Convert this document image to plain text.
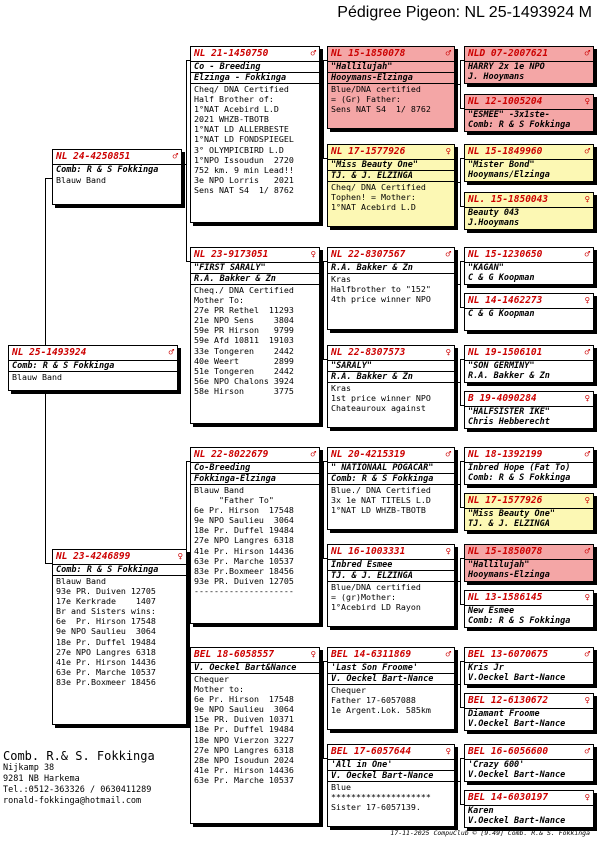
Pédigree Pigeon: NL 25-1493924 M
NL 25-1493924	♂
Comb: R & S Fokkinga
Blauw Band
NL 24-4250851	♂
Comb: R & S Fokkinga
Blauw Band
NL 23-4246899	♀
Comb: R & S Fokkinga
Blauw Band
93e PR. Duiven 12705
17e Kerkrade    1407
Br and Sisters wins:
6e  Pr. Hirson 17548
9e NPO Saulieu  3064
18e Pr. Duffel 19484
27e NPO Langres 6318
41e Pr. Hirson 14436
63e Pr. Marche 10537
83e Pr.Boxmeer 18456
NL 21-1450750	♂
Co - Breeding
Elzinga - Fokkinga
Cheq/ DNA Certified
Half Brother of:
1°NAT Acebird L.D
2021 WHZB-TBOTB
1°NAT LD ALLERBESTE
1°NAT LD FONDSPIEGEL
3° OLYMPICBIRD L.D
1°NPO Issoudun  2720
752 km. 9 min Lead!!
3e NPO Lorris   2021
Sens NAT S4  1/ 8762
NL 23-9173051	♀
"FIRST SARALY"
R.A. Bakker & Zn
Cheq./ DNA Certified
Mother To:
27e PR Rethel  11293
21e NPO Sens    3804
59e PR Hirson   9799
59e Afd 10811  19103
33e Tongeren    2442
40e Weert       2899
51e Tongeren    2442
56e NPO Chalons 3924
58e Hirson      3775
NL 22-8022679	♂
Co-Breeding
Fokkinga-Elzinga
Blauw Band
"Father To"
6e Pr. Hirson  17548
9e NPO Saulieu  3064
18e Pr. Duffel 19484
27e NPO Langres 6318
41e Pr. Hirson 14436
63e Pr. Marche 10537
83e Pr.Boxmeer 18456
93e PR. Duiven 12705
--------------------
BEL 18-6058557	♀
V. Oeckel Bart&Nance
Chequer
Mother to:
6e Pr. Hirson  17548
9e NPO Saulieu  3064
15e PR. Duiven 10371
18e Pr. Duffel 19484
18e NPO Vierzon 3227
27e NPO Langres 6318
28e NPO Isoudun 2024
41e Pr. Hirson 14436
63e Pr. Marche 10537
NL 15-1850078	♂
"Hallilujah"
Hooymans-Elzinga
Blue/DNA certified
= (Gr) Father:
Sens NAT S4  1/ 8762
NL 17-1577926	♀
"Miss Beauty One"
TJ. & J. ELZINGA
Cheq/ DNA Certified
Tophen! = Mother:
1°NAT Acebird L.D
NL 22-8307567	♂
R.A. Bakker & Zn
Kras
Halfbrother to "152"
4th price winner NPO
NL 22-8307573	♀
"SARALY"
R.A. Bakker & Zn
Kras
1st price winner NPO
Chateauroux against
NL 20-4215319	♂
" NATIONAAL POGACAR"
Comb: R & S Fokkinga
Blue./ DNA Certified
3x 1e NAT TITELS L.D
1°NAT LD WHZB-TBOTB
NL 16-1003331	♀
Inbred Esmee
TJ. & J. ELZINGA
Blue/DNA certified
= (gr)Mother:
1°Acebird LD Rayon
BEL 14-6311869	♂
'Last Son Froome'
V. Oeckel Bart-Nance
Chequer
Father 17-6057088
1e Argent.Lok. 585km
BEL 17-6057644	♀
'All in One'
V. Oeckel Bart-Nance
Blue
********************
Sister 17-6057139.
NLD 07-2007621	♂
HARRY 2x 1e NPO
J. Hooymans
NL 12-1005204	♀
"ESMEE" -3x1ste-
Comb: R & S Fokkinga
NL 15-1849960	♂
"Mister Bond"
Hooymans/Elzinga
NL. 15-1850043	♀
Beauty 043
J.Hooymans
NL 15-1230650	♂
"KAGAN"
C & G Koopman
NL 14-1462273	♀
C & G Koopman
NL 19-1506101	♂
"SON GERMINY"
R.A. Bakker & Zn
B 19-4090284	♀
"HALFSISTER IKE"
Chris Hebberecht
NL 18-1392199	♂
Inbred Hope (Fat To)
Comb: R & S Fokkinga
NL 17-1577926	♀
"Miss Beauty One"
TJ. & J. ELZINGA
NL 15-1850078	♂
"Hallilujah"
Hooymans-Elzinga
NL 13-1586145	♀
New Esmee
Comb: R & S Fokkinga
BEL 13-6070675	♂
Kris Jr
V.Oeckel Bart-Nance
BEL 12-6130672	♀
Diamant Froome
V.Oeckel Bart-Nance
BEL 16-6056600	♂
'Crazy 600'
V.Oeckel Bart-Nance
BEL 14-6030197	♀
Karen
V.Oeckel Bart-Nance
Comb. R.& S. Fokkinga
Nijkamp 38
9281 NB Harkema
Tel.:0512-363326 / 0630411289
ronald-fokkinga@hotmail.com
17-11-2025 CompuClub © [9.49] Comb. R.& S. Fokkinga
